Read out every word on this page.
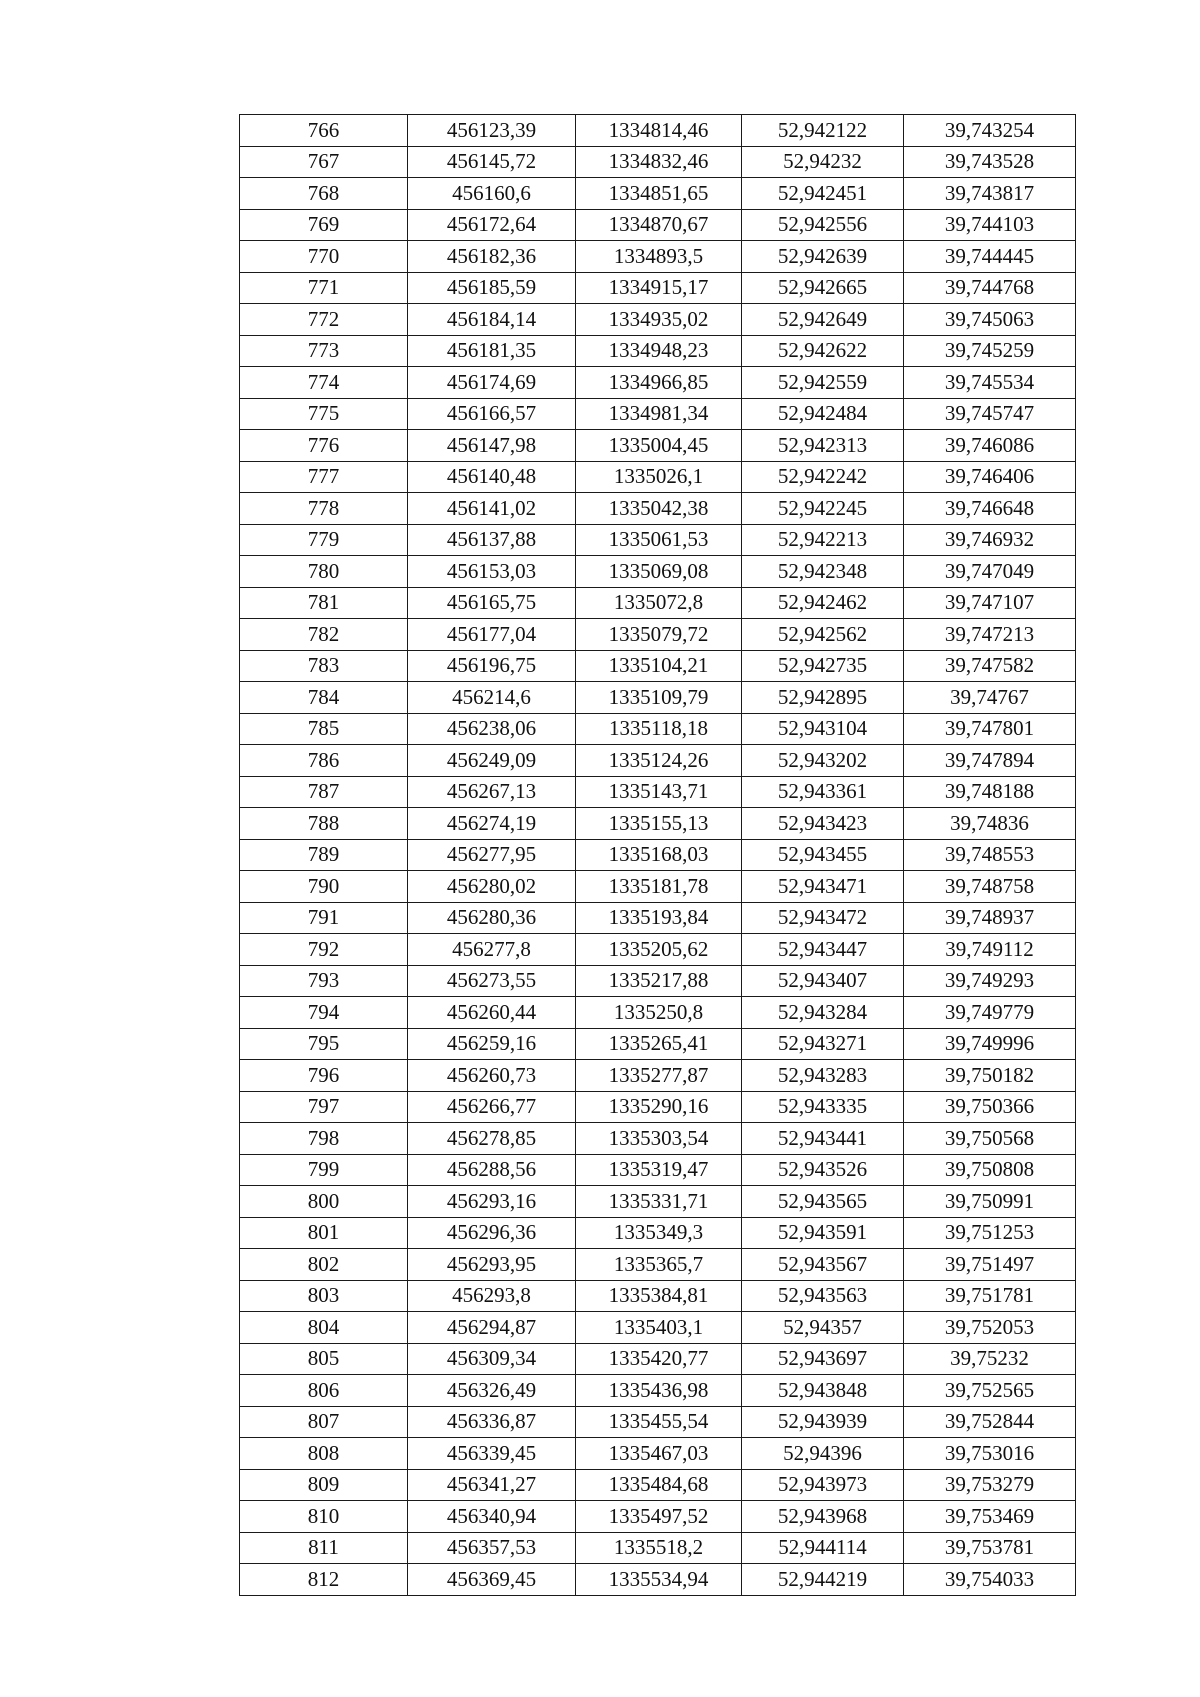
766	456123,39	1334814,46	52,942122	39,743254
767	456145,72	1334832,46	52,94232	39,743528
768	456160,6	1334851,65	52,942451	39,743817
769	456172,64	1334870,67	52,942556	39,744103
770	456182,36	1334893,5	52,942639	39,744445
771	456185,59	1334915,17	52,942665	39,744768
772	456184,14	1334935,02	52,942649	39,745063
773	456181,35	1334948,23	52,942622	39,745259
774	456174,69	1334966,85	52,942559	39,745534
775	456166,57	1334981,34	52,942484	39,745747
776	456147,98	1335004,45	52,942313	39,746086
777	456140,48	1335026,1	52,942242	39,746406
778	456141,02	1335042,38	52,942245	39,746648
779	456137,88	1335061,53	52,942213	39,746932
780	456153,03	1335069,08	52,942348	39,747049
781	456165,75	1335072,8	52,942462	39,747107
782	456177,04	1335079,72	52,942562	39,747213
783	456196,75	1335104,21	52,942735	39,747582
784	456214,6	1335109,79	52,942895	39,74767
785	456238,06	1335118,18	52,943104	39,747801
786	456249,09	1335124,26	52,943202	39,747894
787	456267,13	1335143,71	52,943361	39,748188
788	456274,19	1335155,13	52,943423	39,74836
789	456277,95	1335168,03	52,943455	39,748553
790	456280,02	1335181,78	52,943471	39,748758
791	456280,36	1335193,84	52,943472	39,748937
792	456277,8	1335205,62	52,943447	39,749112
793	456273,55	1335217,88	52,943407	39,749293
794	456260,44	1335250,8	52,943284	39,749779
795	456259,16	1335265,41	52,943271	39,749996
796	456260,73	1335277,87	52,943283	39,750182
797	456266,77	1335290,16	52,943335	39,750366
798	456278,85	1335303,54	52,943441	39,750568
799	456288,56	1335319,47	52,943526	39,750808
800	456293,16	1335331,71	52,943565	39,750991
801	456296,36	1335349,3	52,943591	39,751253
802	456293,95	1335365,7	52,943567	39,751497
803	456293,8	1335384,81	52,943563	39,751781
804	456294,87	1335403,1	52,94357	39,752053
805	456309,34	1335420,77	52,943697	39,75232
806	456326,49	1335436,98	52,943848	39,752565
807	456336,87	1335455,54	52,943939	39,752844
808	456339,45	1335467,03	52,94396	39,753016
809	456341,27	1335484,68	52,943973	39,753279
810	456340,94	1335497,52	52,943968	39,753469
811	456357,53	1335518,2	52,944114	39,753781
812	456369,45	1335534,94	52,944219	39,754033
